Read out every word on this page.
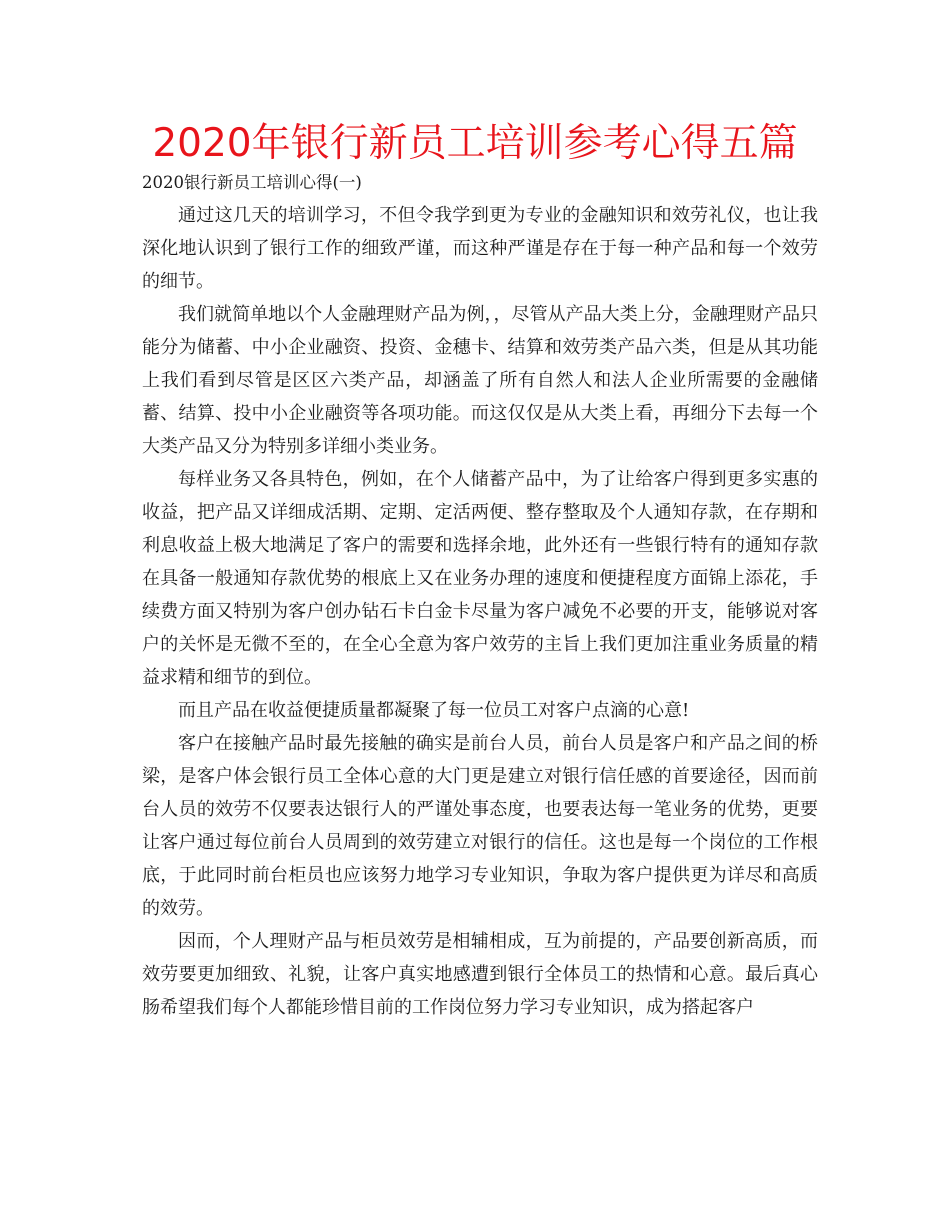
2020年银行新员工培训参考心得五篇

2020银行新员工培训心得(一)

通过这几天的培训学习，不但令我学到更为专业的金融知识和效劳礼仪，也让我深化地认识到了银行工作的细致严谨，而这种严谨是存在于每一种产品和每一个效劳的细节。

我们就简单地以个人金融理财产品为例，，尽管从产品大类上分，金融理财产品只能分为储蓄、中小企业融资、投资、金穗卡、结算和效劳类产品六类，但是从其功能上我们看到尽管是区区六类产品，却涵盖了所有自然人和法人企业所需要的金融储蓄、结算、投中小企业融资等各项功能。而这仅仅是从大类上看，再细分下去每一个大类产品又分为特别多详细小类业务。

每样业务又各具特色，例如，在个人储蓄产品中，为了让给客户得到更多实惠的收益，把产品又详细成活期、定期、定活两便、整存整取及个人通知存款，在存期和利息收益上极大地满足了客户的需要和选择余地，此外还有一些银行特有的通知存款在具备一般通知存款优势的根底上又在业务办理的速度和便捷程度方面锦上添花，手续费方面又特别为客户创办钻石卡白金卡尽量为客户减免不必要的开支，能够说对客户的关怀是无微不至的，在全心全意为客户效劳的主旨上我们更加注重业务质量的精益求精和细节的到位。

而且产品在收益便捷质量都凝聚了每一位员工对客户点滴的心意!

客户在接触产品时最先接触的确实是前台人员，前台人员是客户和产品之间的桥梁，是客户体会银行员工全体心意的大门更是建立对银行信任感的首要途径，因而前台人员的效劳不仅要表达银行人的严谨处事态度，也要表达每一笔业务的优势，更要让客户通过每位前台人员周到的效劳建立对银行的信任。这也是每一个岗位的工作根底，于此同时前台柜员也应该努力地学习专业知识，争取为客户提供更为详尽和高质的效劳。

因而，个人理财产品与柜员效劳是相辅相成，互为前提的，产品要创新高质，而效劳要更加细致、礼貌，让客户真实地感遭到银行全体员工的热情和心意。最后真心肠希望我们每个人都能珍惜目前的工作岗位努力学习专业知识，成为搭起客户
